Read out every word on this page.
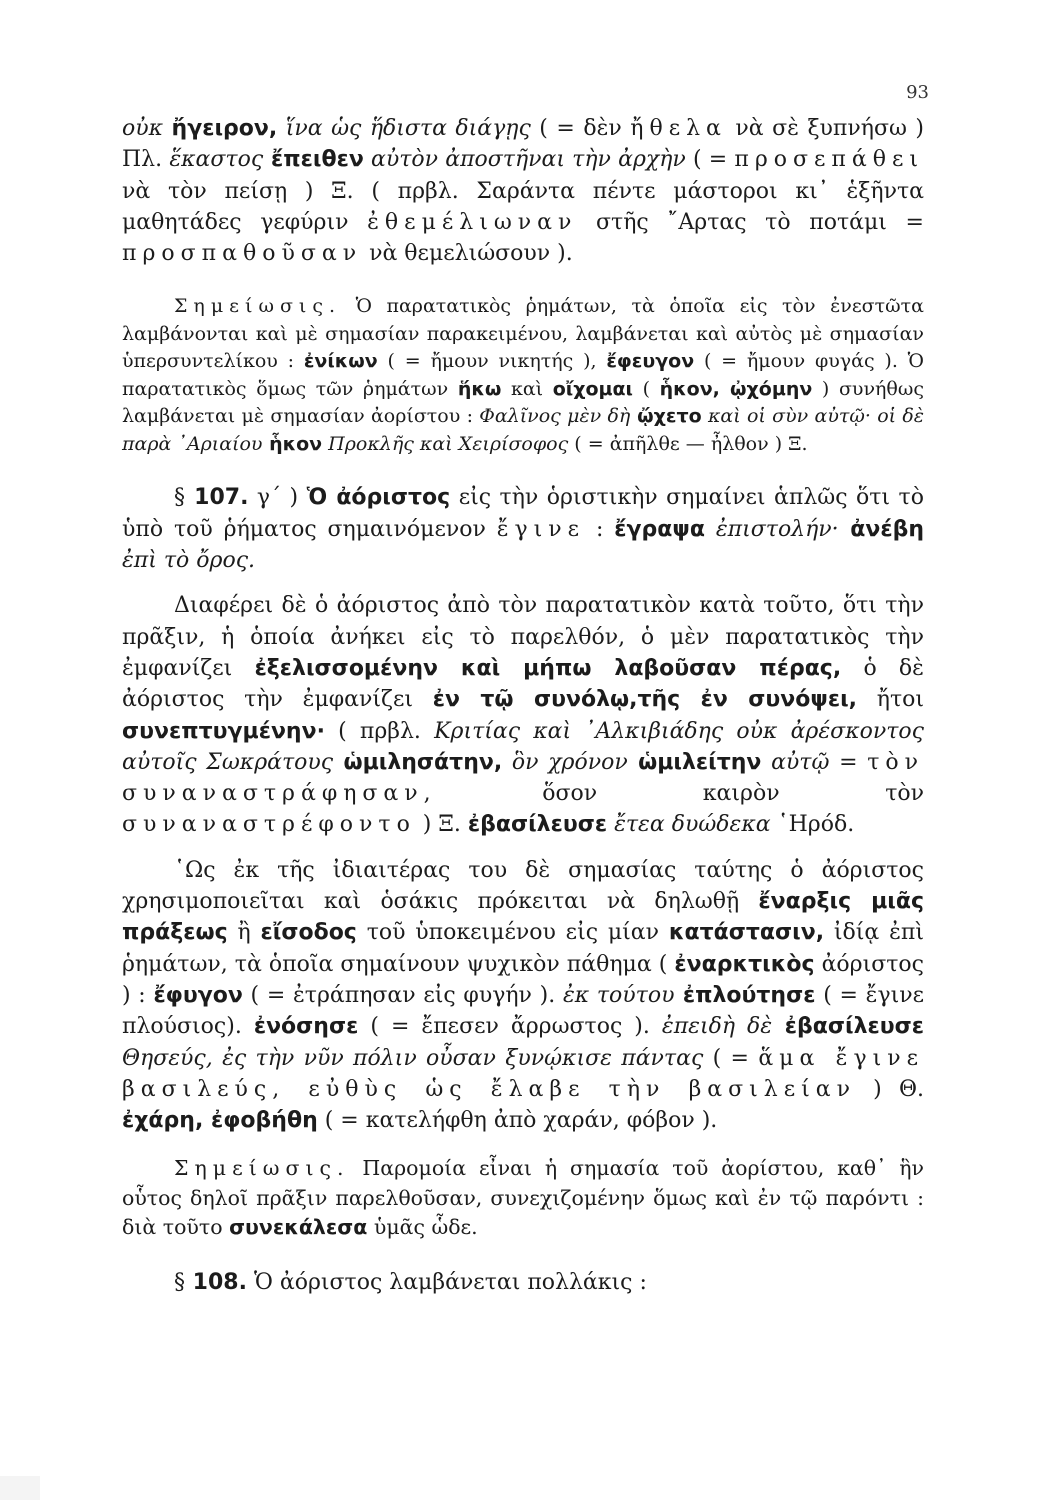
93

οὐκ ἤγειρον, ἵνα ὡς ἥδιστα διάγῃς ( = δὲν ἤθελα νὰ σὲ ξυπνήσω ) Πλ. ἕκαστος ἔπειθεν αὐτὸν ἀποστῆναι τὴν ἀρχὴν ( = προσεπάθει νὰ τὸν πείσῃ ) Ξ. ( πρβλ. Σαράντα πέντε μάστοροι κι᾽ ἑξῆντα μαθητάδες γεφύριν ἐθεμέλιωναν στῆς ῎Αρτας τὸ ποτάμι = προσπαθοῦσαν νὰ θεμελιώσουν ).

Σημείωσις. Ὁ παρατατικὸς ῥημάτων, τὰ ὁποῖα εἰς τὸν ἐνεστῶτα λαμβάνονται καὶ μὲ σημασίαν παρακειμένου, λαμβάνεται καὶ αὐτὸς μὲ σημασίαν ὑπερσυντελίκου : ἐνίκων ( = ἤμουν νικητής ), ἔφευγον ( = ἤμουν φυγάς ). Ὁ παρατατικὸς ὅμως τῶν ῥημάτων ἥκω καὶ οἴχομαι ( ἧκον, ᾠχόμην ) συνήθως λαμβάνεται μὲ σημασίαν ἀορίστου : Φαλῖνος μὲν δὴ ᾤχετο καὶ οἱ σὺν αὐτῷ· οἱ δὲ παρὰ ᾽Αριαίου ἧκον Προκλῆς καὶ Χειρίσοφος ( = ἀπῆλθε — ἦλθον ) Ξ.

§ 107. γ´ ) Ὁ ἀόριστος εἰς τὴν ὁριστικὴν σημαίνει ἁπλῶς ὅτι τὸ ὑπὸ τοῦ ῥήματος σημαινόμενον ἔγινε : ἔγραψα ἐπιστολήν· ἀνέβη ἐπὶ τὸ ὄρος.

Διαφέρει δὲ ὁ ἀόριστος ἀπὸ τὸν παρατατικὸν κατὰ τοῦτο, ὅτι τὴν πρᾶξιν, ἡ ὁποία ἀνήκει εἰς τὸ παρελθόν, ὁ μὲν παρατατικὸς τὴν ἐμφανίζει ἐξελισσομένην καὶ μήπω λαβοῦσαν πέρας, ὁ δὲ ἀόριστος τὴν ἐμφανίζει ἐν τῷ συνόλῳ,τῆς ἐν συνόψει, ἤτοι συνεπτυγμένην· ( πρβλ. Κριτίας καὶ ᾽Αλκιβιάδης οὐκ ἀρέσκοντος αὐτοῖς Σωκράτους ὡμιλησάτην, ὃν χρόνον ὡμιλείτην αὐτῷ = τὸν συναναστράφησαν, ὅσον καιρὸν τὸν συναναστρέφοντο ) Ξ. ἐβασίλευσε ἔτεα δυώδεκα ῾Ηρόδ.

῾Ως ἐκ τῆς ἰδιαιτέρας του δὲ σημασίας ταύτης ὁ ἀόριστος χρησιμοποιεῖται καὶ ὁσάκις πρόκειται νὰ δηλωθῇ ἔναρξις μιᾶς πράξεως ἢ εἴσοδος τοῦ ὑποκειμένου εἰς μίαν κατάστασιν, ἰδίᾳ ἐπὶ ῥημάτων, τὰ ὁποῖα σημαίνουν ψυχικὸν πάθημα ( ἐναρκτικὸς ἀόριστος ) : ἔφυγον ( = ἐτράπησαν εἰς φυγήν ). ἐκ τούτου ἐπλούτησε ( = ἔγινε πλούσιος). ἐνόσησε ( = ἔπεσεν ἄρρωστος ). ἐπειδὴ δὲ ἐβασίλευσε Θησεύς, ἐς τὴν νῦν πόλιν οὖσαν ξυνῴκισε πάντας ( = ἅμα ἔγινε βασιλεύς, εὐθὺς ὡς ἔλαβε τὴν βασιλείαν ) Θ. ἐχάρη, ἐφοβήθη ( = κατελήφθη ἀπὸ χαράν, φόβον ).

Σημείωσις. Παρομοία εἶναι ἡ σημασία τοῦ ἀορίστου, καθ᾽ ἣν οὗτος δηλοῖ πρᾶξιν παρελθοῦσαν, συνεχιζομένην ὅμως καὶ ἐν τῷ παρόντι : διὰ τοῦτο συνεκάλεσα ὑμᾶς ὧδε.

§ 108. Ὁ ἀόριστος λαμβάνεται πολλάκις :
